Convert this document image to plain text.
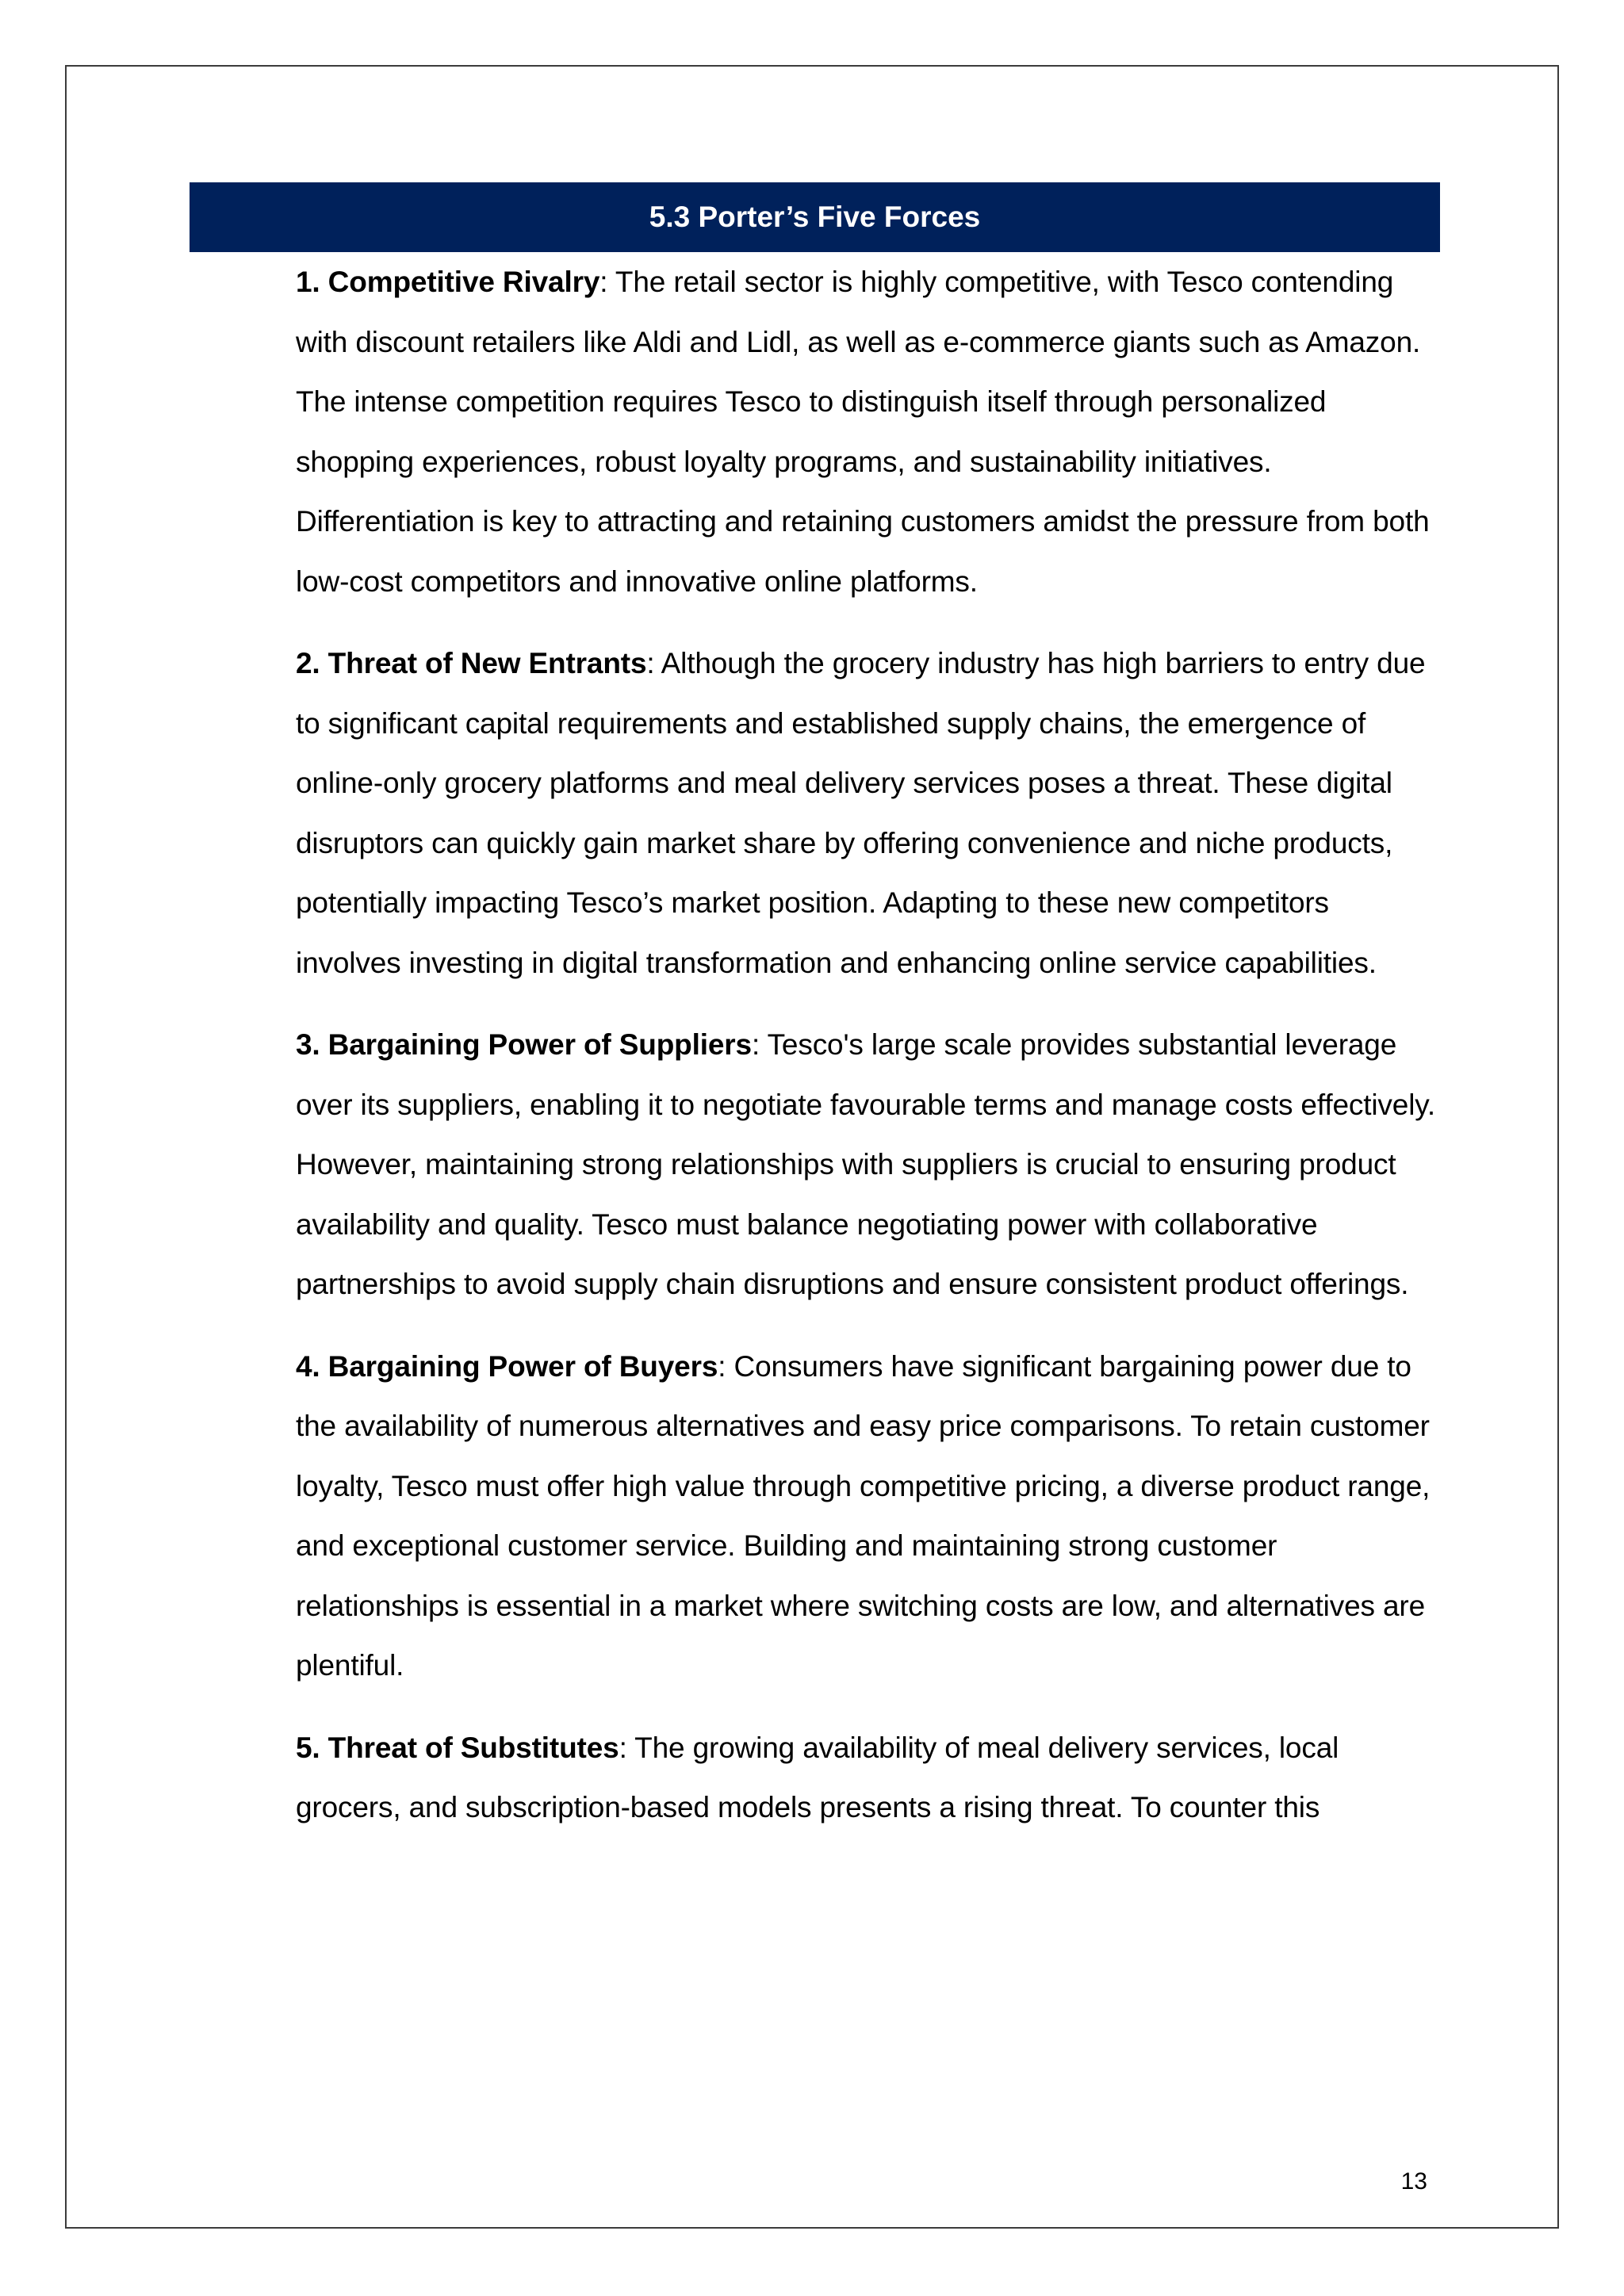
5.3 Porter’s Five Forces

1. Competitive Rivalry: The retail sector is highly competitive, with Tesco contending with discount retailers like Aldi and Lidl, as well as e-commerce giants such as Amazon. The intense competition requires Tesco to distinguish itself through personalized shopping experiences, robust loyalty programs, and sustainability initiatives. Differentiation is key to attracting and retaining customers amidst the pressure from both low-cost competitors and innovative online platforms.

2. Threat of New Entrants: Although the grocery industry has high barriers to entry due to significant capital requirements and established supply chains, the emergence of online-only grocery platforms and meal delivery services poses a threat. These digital disruptors can quickly gain market share by offering convenience and niche products, potentially impacting Tesco’s market position. Adapting to these new competitors involves investing in digital transformation and enhancing online service capabilities.

3. Bargaining Power of Suppliers: Tesco's large scale provides substantial leverage over its suppliers, enabling it to negotiate favourable terms and manage costs effectively. However, maintaining strong relationships with suppliers is crucial to ensuring product availability and quality. Tesco must balance negotiating power with collaborative partnerships to avoid supply chain disruptions and ensure consistent product offerings.

4. Bargaining Power of Buyers: Consumers have significant bargaining power due to the availability of numerous alternatives and easy price comparisons. To retain customer loyalty, Tesco must offer high value through competitive pricing, a diverse product range, and exceptional customer service. Building and maintaining strong customer relationships is essential in a market where switching costs are low, and alternatives are plentiful.

5. Threat of Substitutes: The growing availability of meal delivery services, local grocers, and subscription-based models presents a rising threat. To counter this

13
